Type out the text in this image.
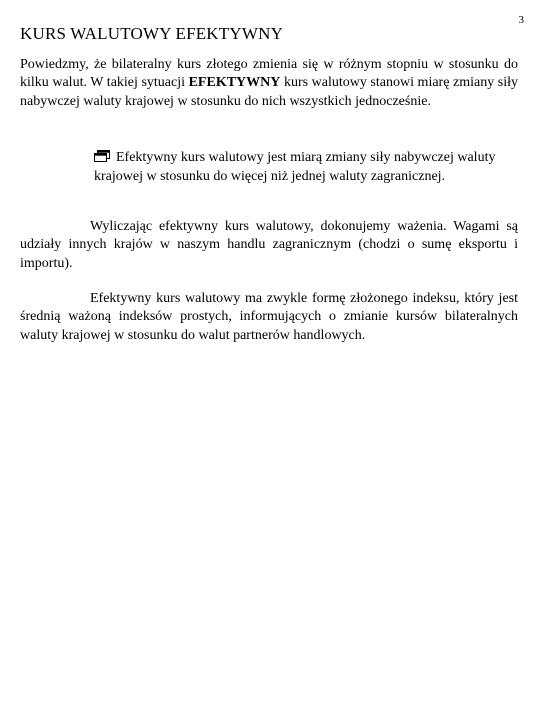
3
KURS WALUTOWY EFEKTYWNY

Powiedzmy, że bilateralny kurs złotego zmienia się w różnym stopniu w stosunku do kilku walut. W takiej sytuacji EFEKTYWNY kurs walutowy stanowi miarę zmiany siły nabywczej waluty krajowej w stosunku do nich wszystkich jednocześnie.

Efektywny kurs walutowy jest miarą zmiany siły nabywczej waluty krajowej w stosunku do więcej niż jednej waluty zagranicznej.

Wyliczając efektywny kurs walutowy, dokonujemy ważenia. Wagami są udziały innych krajów w naszym handlu zagranicznym (chodzi o sumę eksportu i importu).

Efektywny kurs walutowy ma zwykle formę złożonego indeksu, który jest średnią ważoną indeksów prostych, informujących o zmianie kursów bilateralnych waluty krajowej w stosunku do walut partnerów handlowych.
